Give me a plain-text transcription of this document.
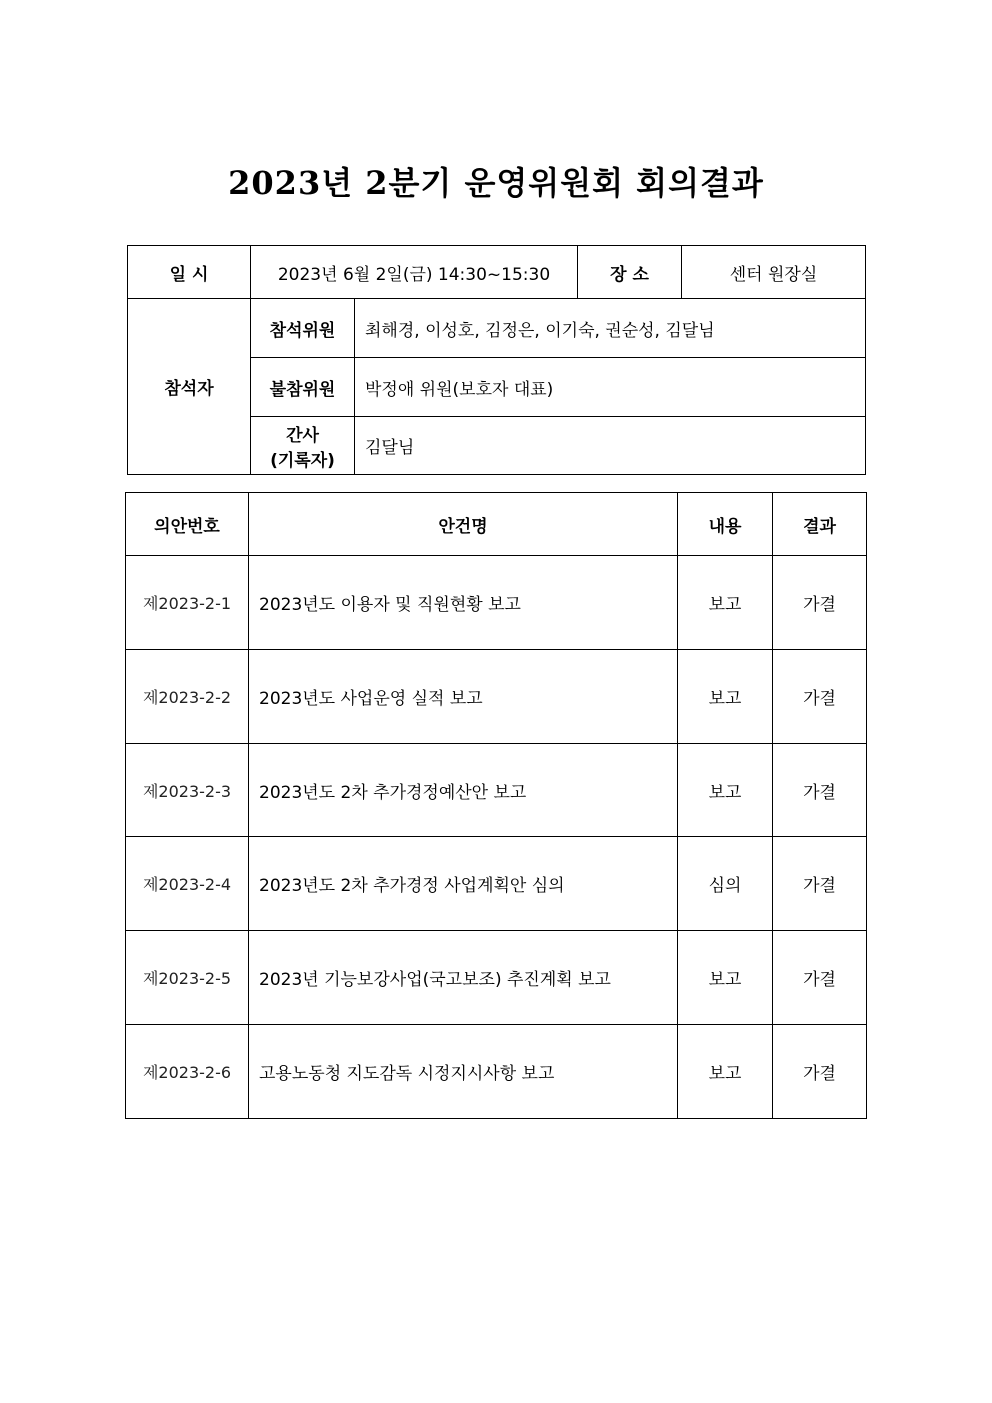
2023년 2분기 운영위원회 회의결과
일 시	2023년 6월 2일(금) 14:30~15:30		장 소	센터 원장실
참석자	참석위원	최해경, 이성호, 김정은, 이기숙, 권순성, 김달님		
	불참위원	박정애 위원(보호자 대표)		

	간사
(기록자)	김달님		
의안번호	안건명	내용	결과
제2023-2-1	2023년도 이용자 및 직원현황 보고	보고	가결
제2023-2-2	2023년도 사업운영 실적 보고	보고	가결
제2023-2-3	2023년도 2차 추가경정예산안 보고	보고	가결
제2023-2-4	2023년도 2차 추가경정 사업계획안 심의	심의	가결
제2023-2-5	2023년 기능보강사업(국고보조) 추진계획 보고	보고	가결
제2023-2-6	고용노동청 지도감독 시정지시사항 보고	보고	가결
